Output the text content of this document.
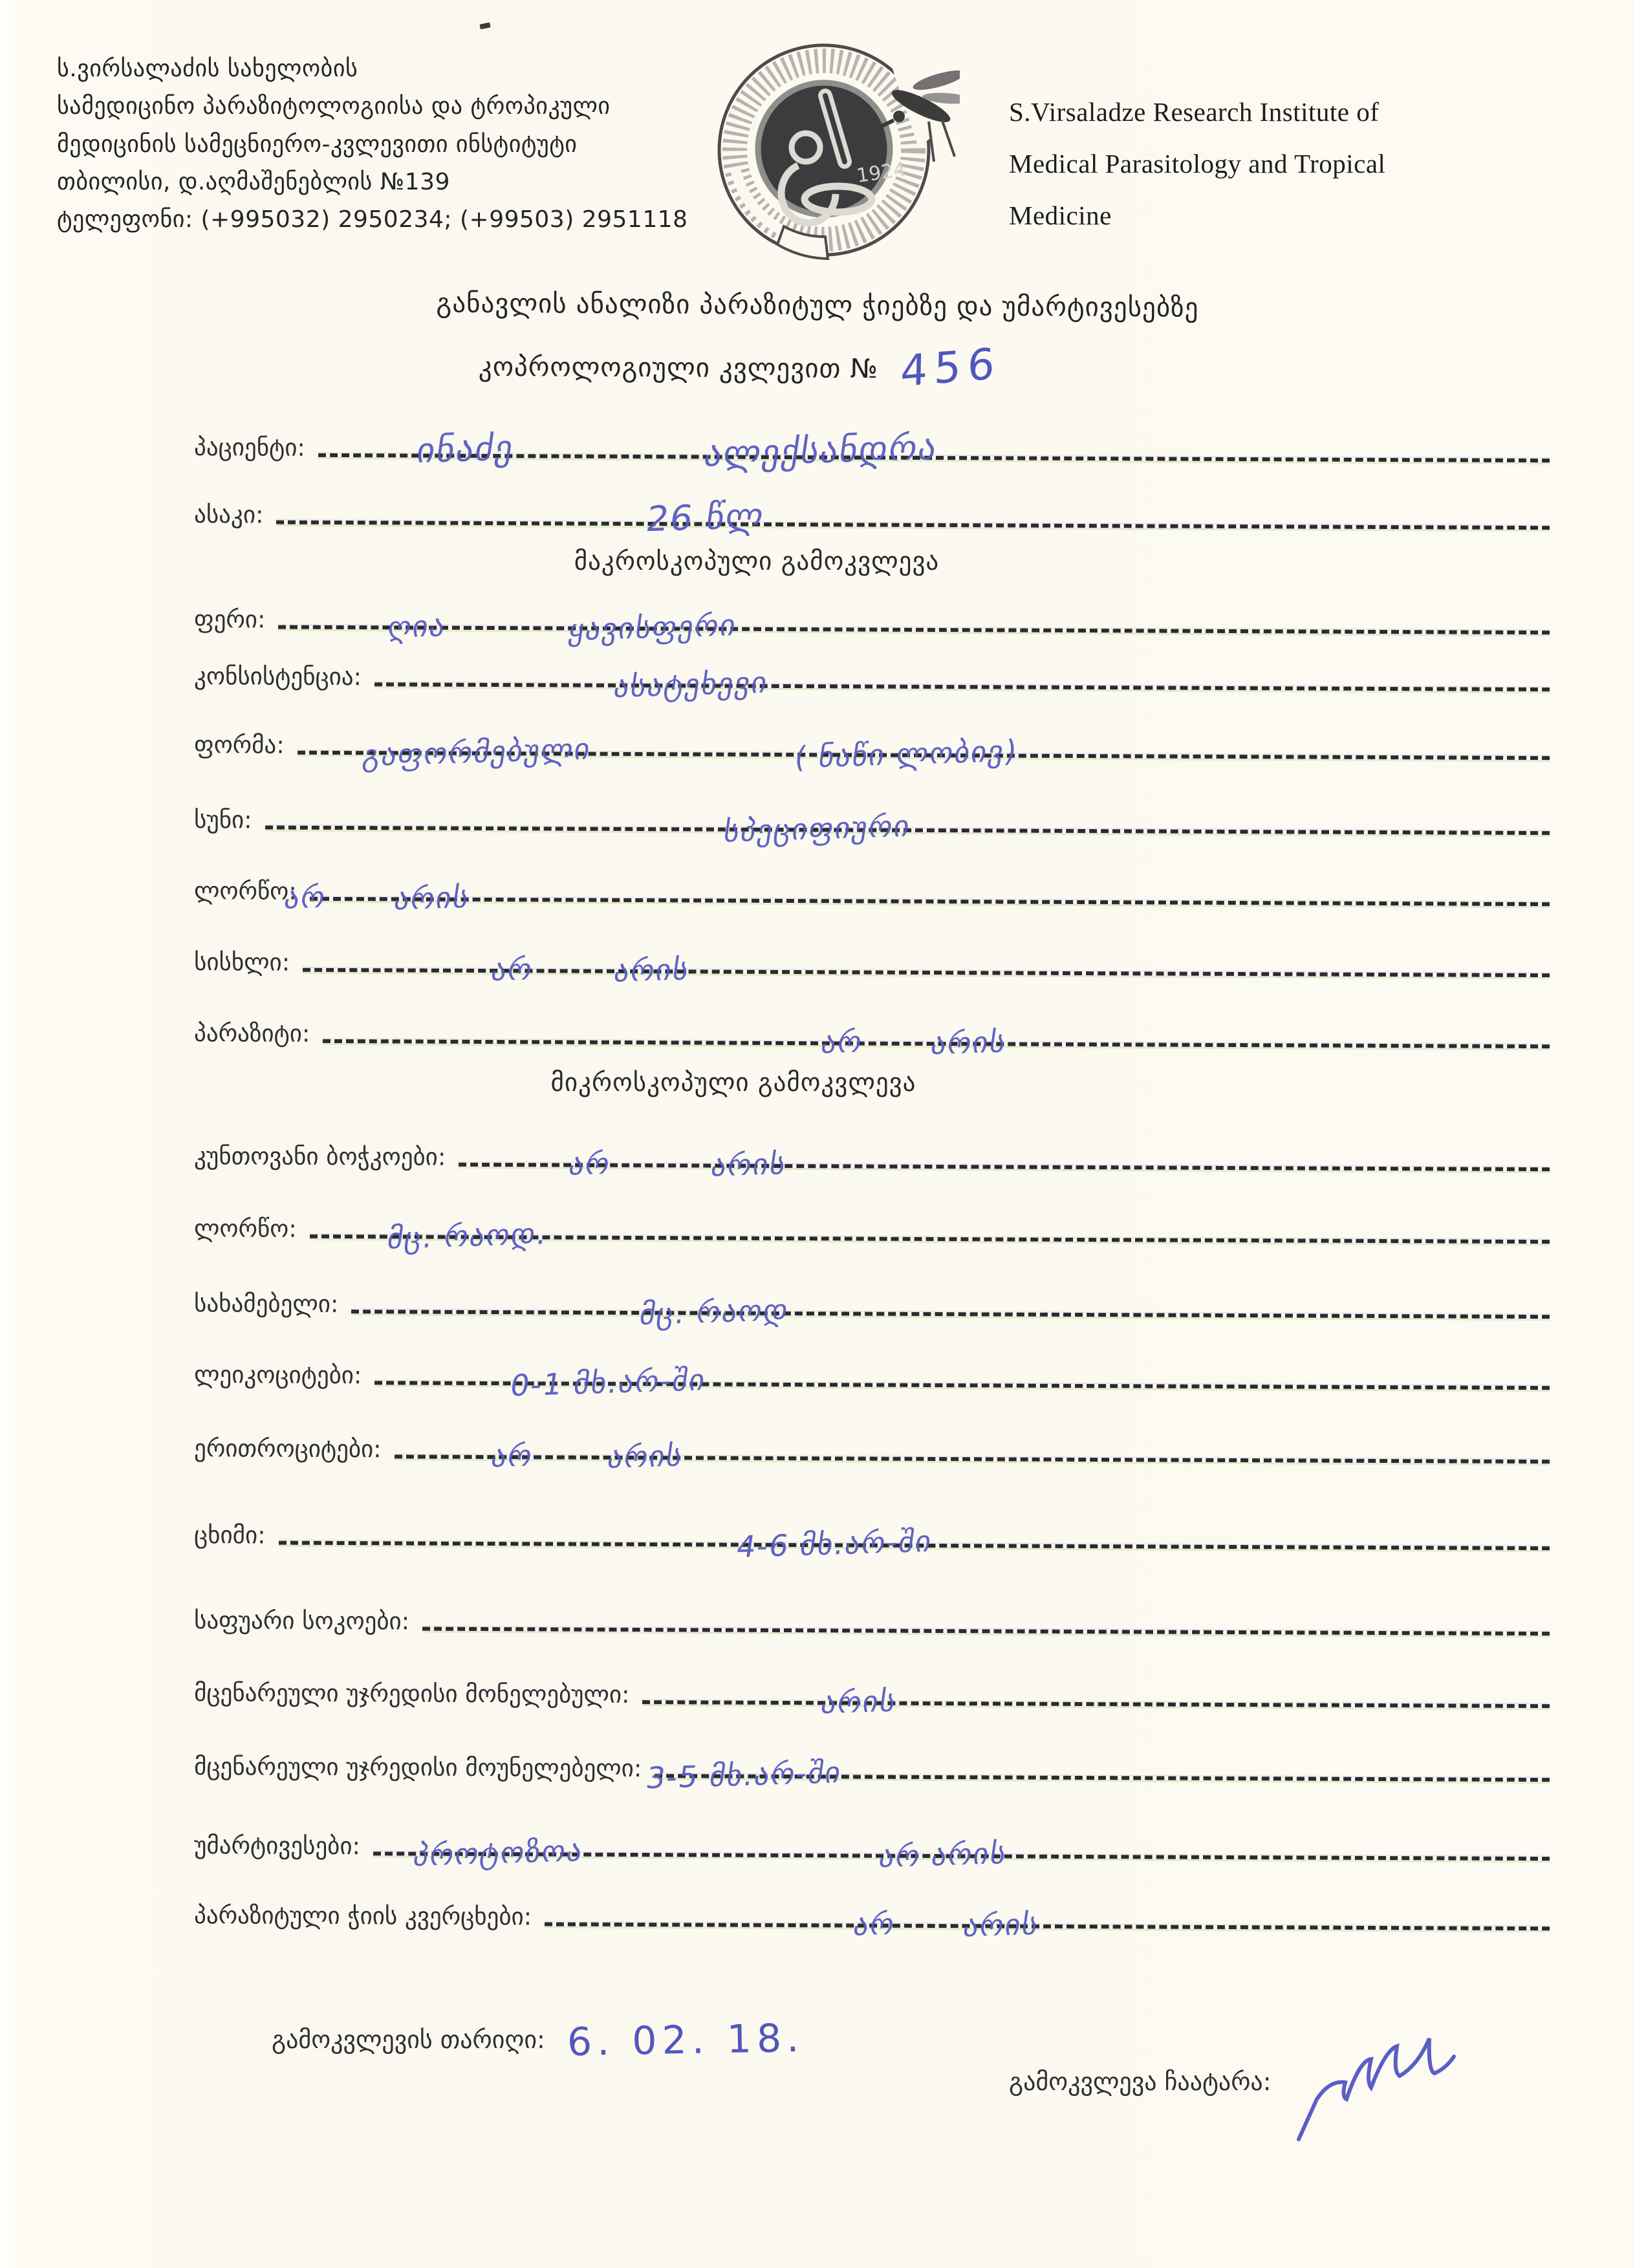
ს.ვირსალაძის სახელობის
სამედიცინო პარაზიტოლოგიისა და ტროპიკული
მედიცინის სამეცნიერო-კვლევითი ინსტიტუტი
თბილისი, დ.აღმაშენებლის №139
ტელეფონი: (+995032) 2950234; (+99503) 2951118
1924
S.Virsaladze Research Institute of
Medical Parasitology and Tropical
Medicine
განავლის ანალიზი პარაზიტულ ჭიებზე და უმარტივესებზე
კოპროლოგიული კვლევით № 456
პაციენტი:	ინაძე	ალექსანდრა
ასაკი:	26 წლ
მაკროსკოპული გამოკვლევა
ფერი:	ღია	ყავისფერი
კონსისტენცია:	ასატეხევი
ფორმა:	გაფორმებული	( ნაწი ლობივ)
სუნი:	სპეციფიური
ლორწო:
არ არის
სისხლი:	არ	არის
პარაზიტი:	არ არის
მიკროსკოპული გამოკვლევა
კუნთოვანი ბოჭკოები:	არ	არის
ლორწო:	მც. რაოდ.
სახამებელი:	მც. რაოდ
ლეიკოციტები:	0-1 მხ.არ-ში
ერითროციტები:	არ არის
ცხიმი:	4-6 მხ.არ-ში
საფუარი სოკოები:
მცენარეული უჯრედისი მონელებული:	არის
მცენარეული უჯრედისი მოუნელებელი: 3-5 მხ.არ-ში
უმარტივესები:	პროტოზოა	არ არის
პარაზიტული ჭიის კვერცხები:	არ არის
გამოკვლევის თარიღი: 6. 02. 18.
გამოკვლევა ჩაატარა:
